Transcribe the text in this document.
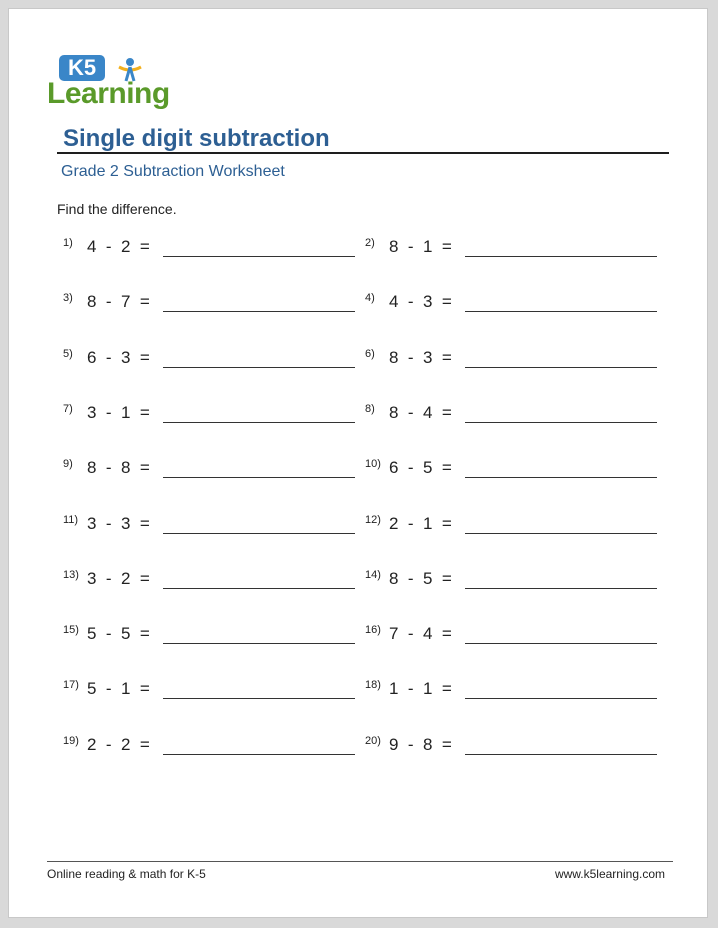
K5
Learning
Single digit subtraction
Grade 2 Subtraction Worksheet
Find the difference.
1) 4  -  2  =	2) 8  -  1  =
3) 8  -  7  =	4) 4  -  3  =
5) 6  -  3  =	6) 8  -  3  =
7) 3  -  1  =	8) 8  -  4  =
9) 8  -  8  =	10) 6  -  5  =
11) 3  -  3  =	12) 2  -  1  =
13) 3  -  2  =	14) 8  -  5  =
15) 5  -  5  =	16) 7  -  4  =
17) 5  -  1  =	18) 1  -  1  =
19) 2  -  2  =	20) 9  -  8  =
Online reading & math for K-5	www.k5learning.com
